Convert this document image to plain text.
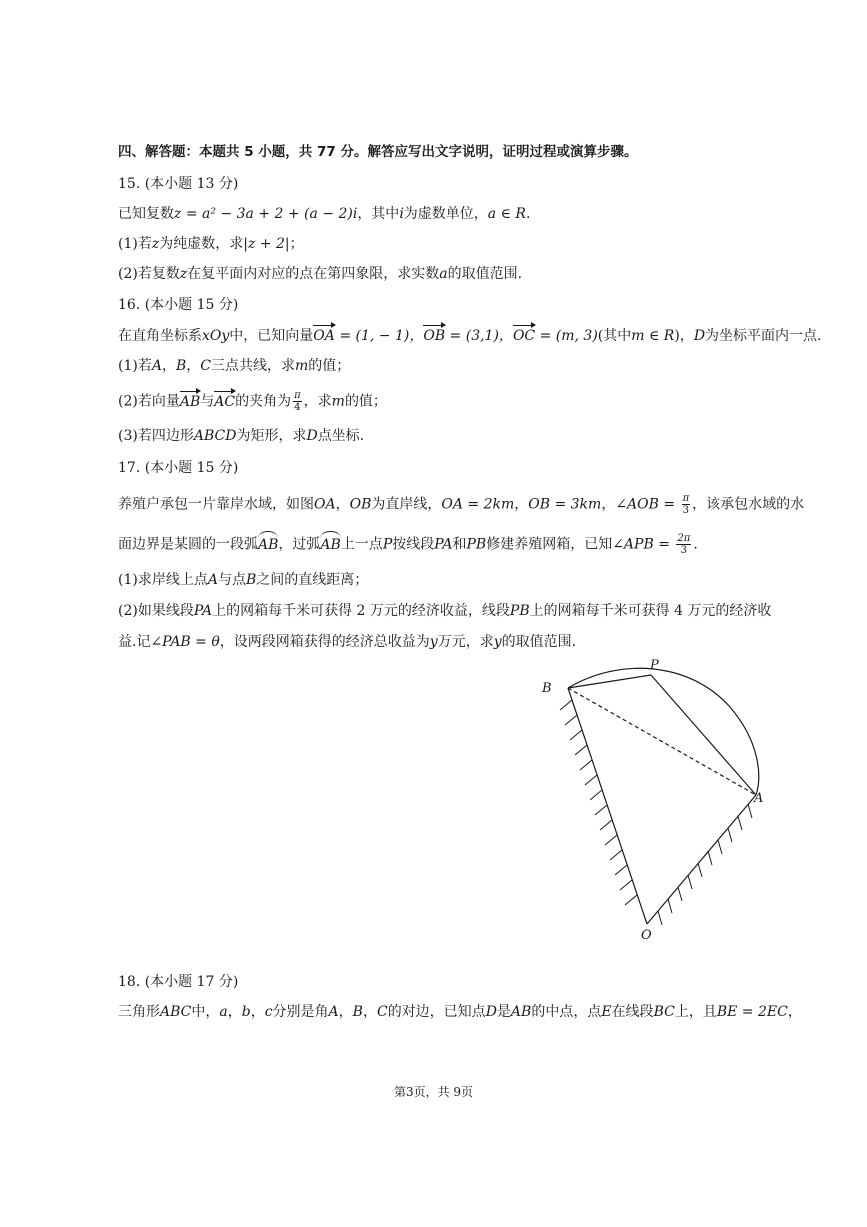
四、解答题：本题共 5 小题，共 77 分。解答应写出文字说明，证明过程或演算步骤。
15. (本小题 13 分)
已知复数z = a² − 3a + 2 + (a − 2)i，其中i为虚数单位，a ∈ R.
(1)若z为纯虚数，求|z + 2|；
(2)若复数z在复平面内对应的点在第四象限，求实数a的取值范围.
16. (本小题 15 分)
在直角坐标系xOy中，已知向量OA = (1, − 1)，OB = (3,1)，OC = (m, 3)(其中m ∈ R)，D为坐标平面内一点.
(1)若A，B，C三点共线，求m的值；
(2)若向量AB与AC的夹角为 $\frac{\pi}{4}$ ，求m的值；
(3)若四边形ABCD为矩形，求D点坐标.
17. (本小题 15 分)
养殖户承包一片靠岸水域，如图OA，OB为直岸线，OA = 2km，OB = 3km，∠AOB = $\frac{\pi}{3}$ ，该承包水域的水
面边界是某圆的一段弧AB，过弧AB上一点P按线段PA和PB修建养殖网箱，已知∠APB = $\frac{2\pi}{3}$ .
(1)求岸线上点A与点B之间的直线距离；
(2)如果线段PA上的网箱每千米可获得 2 万元的经济收益，线段PB上的网箱每千米可获得 4 万元的经济收
益.记∠PAB = θ，设两段网箱获得的经济总收益为y万元，求y的取值范围.
B
P
A
O
18. (本小题 17 分)
三角形ABC中，a，b，c分别是角A，B，C的对边，已知点D是AB的中点，点E在线段BC上，且BE = 2EC，
第3页，共 9页
